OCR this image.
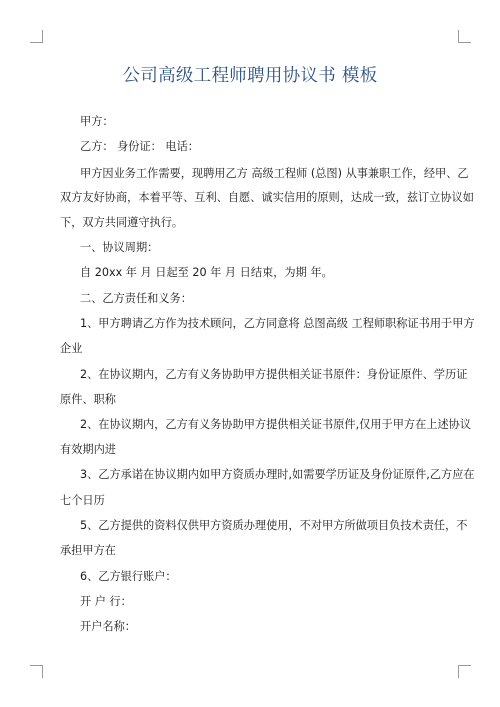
公司高级工程师聘用协议书 模板
甲方：
乙方： 身份证： 电话：
甲方因业务工作需要，现聘用乙方 高级工程师 (总图) 从事兼职工作，经甲、乙
双方友好协商，本着平等、互利、自愿、诚实信用的原则，达成一致，兹订立协议如
下，双方共同遵守执行。
一、协议周期：
自 20xx 年 月 日起至 20 年 月 日结束，为期 年。
二、乙方责任和义务：
1、甲方聘请乙方作为技术顾问，乙方同意将 总图高级 工程师职称证书用于甲方
企业
2、在协议期内，乙方有义务协助甲方提供相关证书原件：身份证原件、学历证
原件、职称
2、在协议期内，乙方有义务协助甲方提供相关证书原件,仅用于甲方在上述协议
有效期内进
3、乙方承诺在协议期内如甲方资质办理时,如需要学历证及身份证原件,乙方应在
七个日历
5、乙方提供的资料仅供甲方资质办理使用，不对甲方所做项目负技术责任，不
承担甲方在
6、乙方银行账户：
开 户 行：
开户名称：
